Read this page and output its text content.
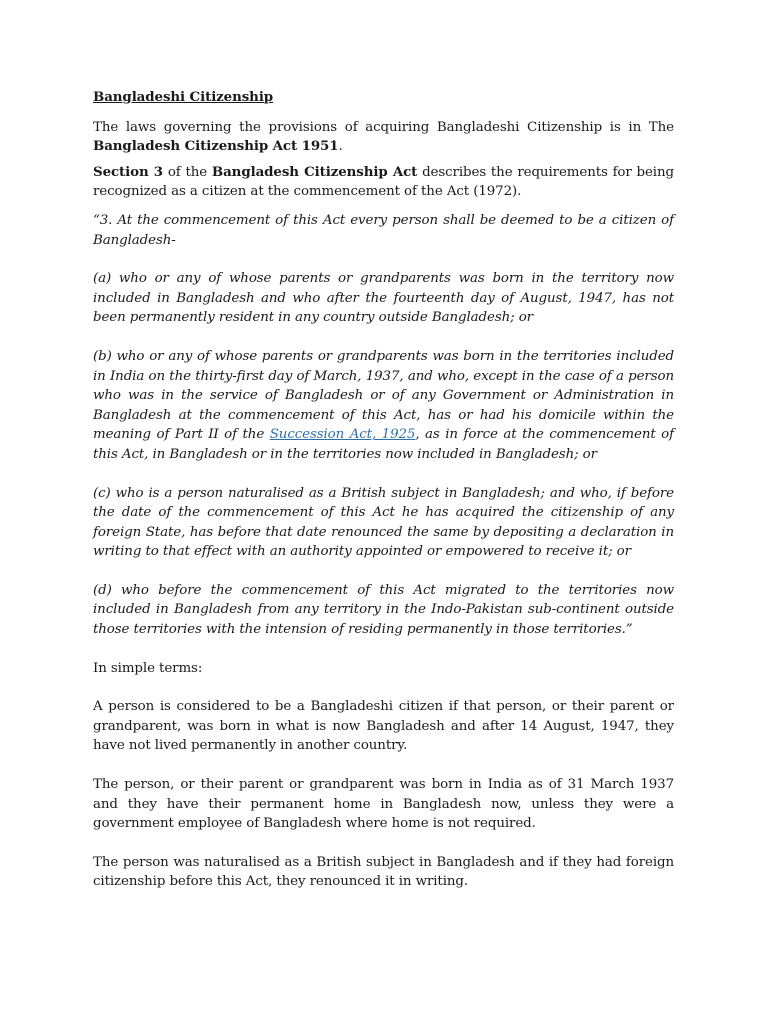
Bangladeshi Citizenship

The laws governing the provisions of acquiring Bangladeshi Citizenship is in The Bangladesh Citizenship Act 1951.

Section 3 of the Bangladesh Citizenship Act describes the requirements for being recognized as a citizen at the commencement of the Act (1972).

“3. At the commencement of this Act every person shall be deemed to be a citizen of Bangladesh-

(a) who or any of whose parents or grandparents was born in the territory now included in Bangladesh and who after the fourteenth day of August, 1947, has not been permanently resident in any country outside Bangladesh; or

(b) who or any of whose parents or grandparents was born in the territories included in India on the thirty-first day of March, 1937, and who, except in the case of a person who was in the service of Bangladesh or of any Government or Administration in Bangladesh at the commencement of this Act, has or had his domicile within the meaning of Part II of the Succession Act, 1925, as in force at the commencement of this Act, in Bangladesh or in the territories now included in Bangladesh; or

(c) who is a person naturalised as a British subject in Bangladesh; and who, if before the date of the commencement of this Act he has acquired the citizenship of any foreign State, has before that date renounced the same by depositing a declaration in writing to that effect with an authority appointed or empowered to receive it; or

(d) who before the commencement of this Act migrated to the territories now included in Bangladesh from any territory in the Indo-Pakistan sub-continent outside those territories with the intension of residing permanently in those territories.”

In simple terms:

A person is considered to be a Bangladeshi citizen if that person, or their parent or grandparent, was born in what is now Bangladesh and after 14 August, 1947, they have not lived permanently in another country.

The person, or their parent or grandparent was born in India as of 31 March 1937 and they have their permanent home in Bangladesh now, unless they were a government employee of Bangladesh where home is not required.

The person was naturalised as a British subject in Bangladesh and if they had foreign citizenship before this Act, they renounced it in writing.
